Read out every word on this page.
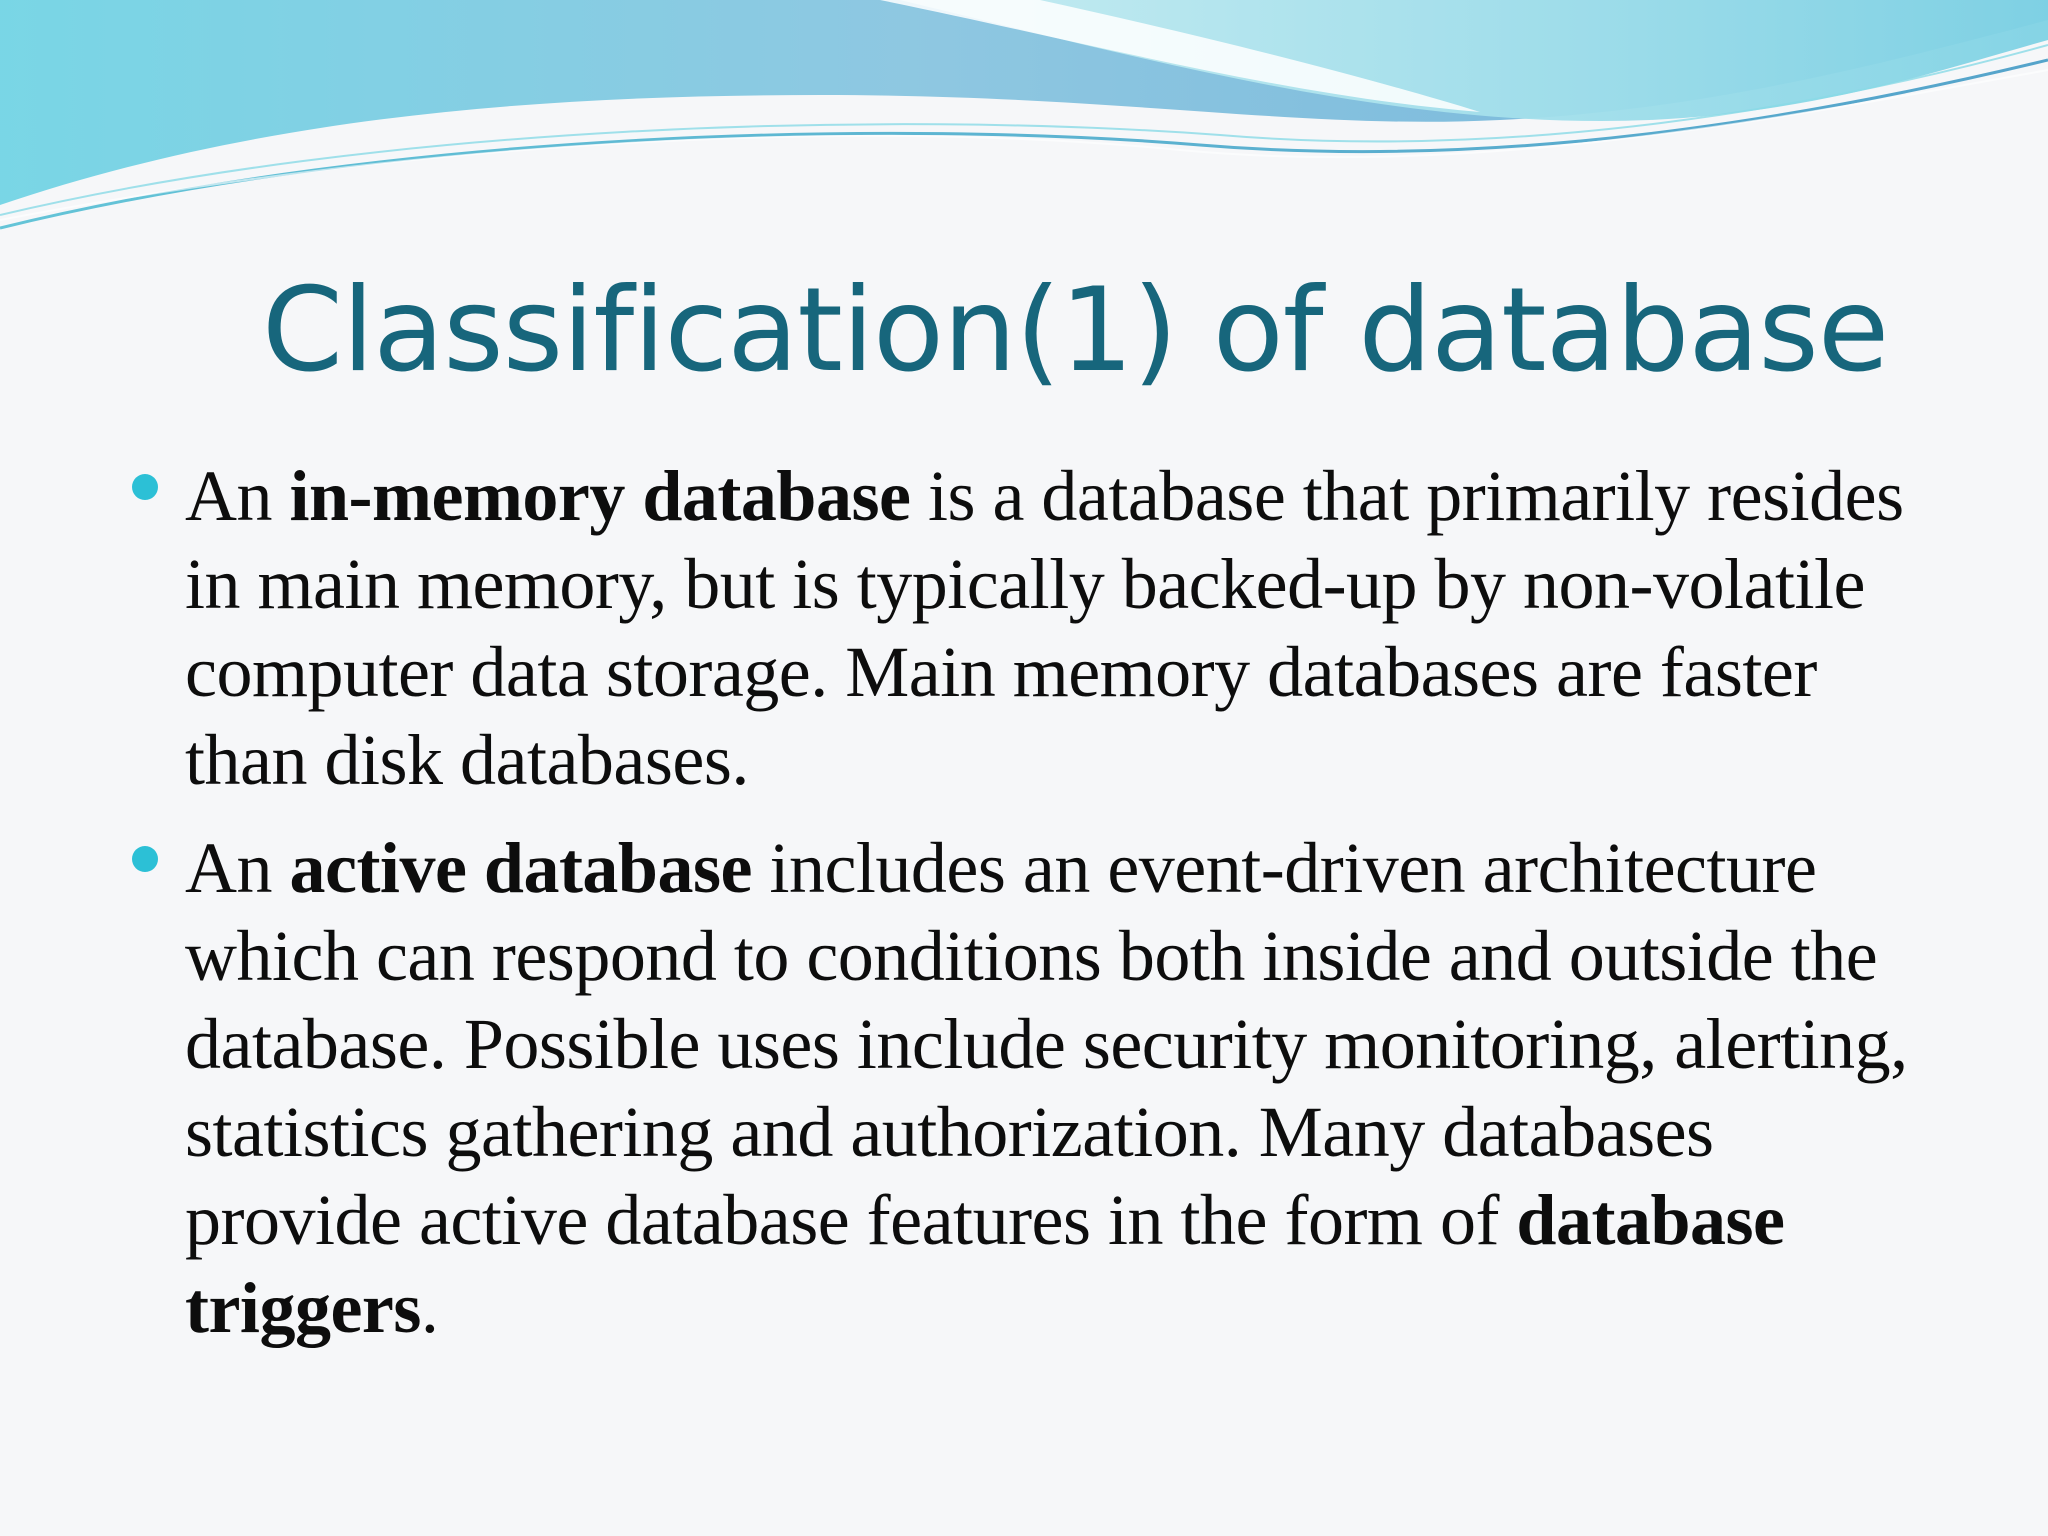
Classification(1) of database

An in-memory database is a database that primarily resides in main memory, but is typically backed-up by non-volatile computer data storage. Main memory databases are faster than disk databases.

An active database includes an event-driven architecture which can respond to conditions both inside and outside the database. Possible uses include security monitoring, alerting, statistics gathering and authorization. Many databases provide active database features in the form of database triggers.
